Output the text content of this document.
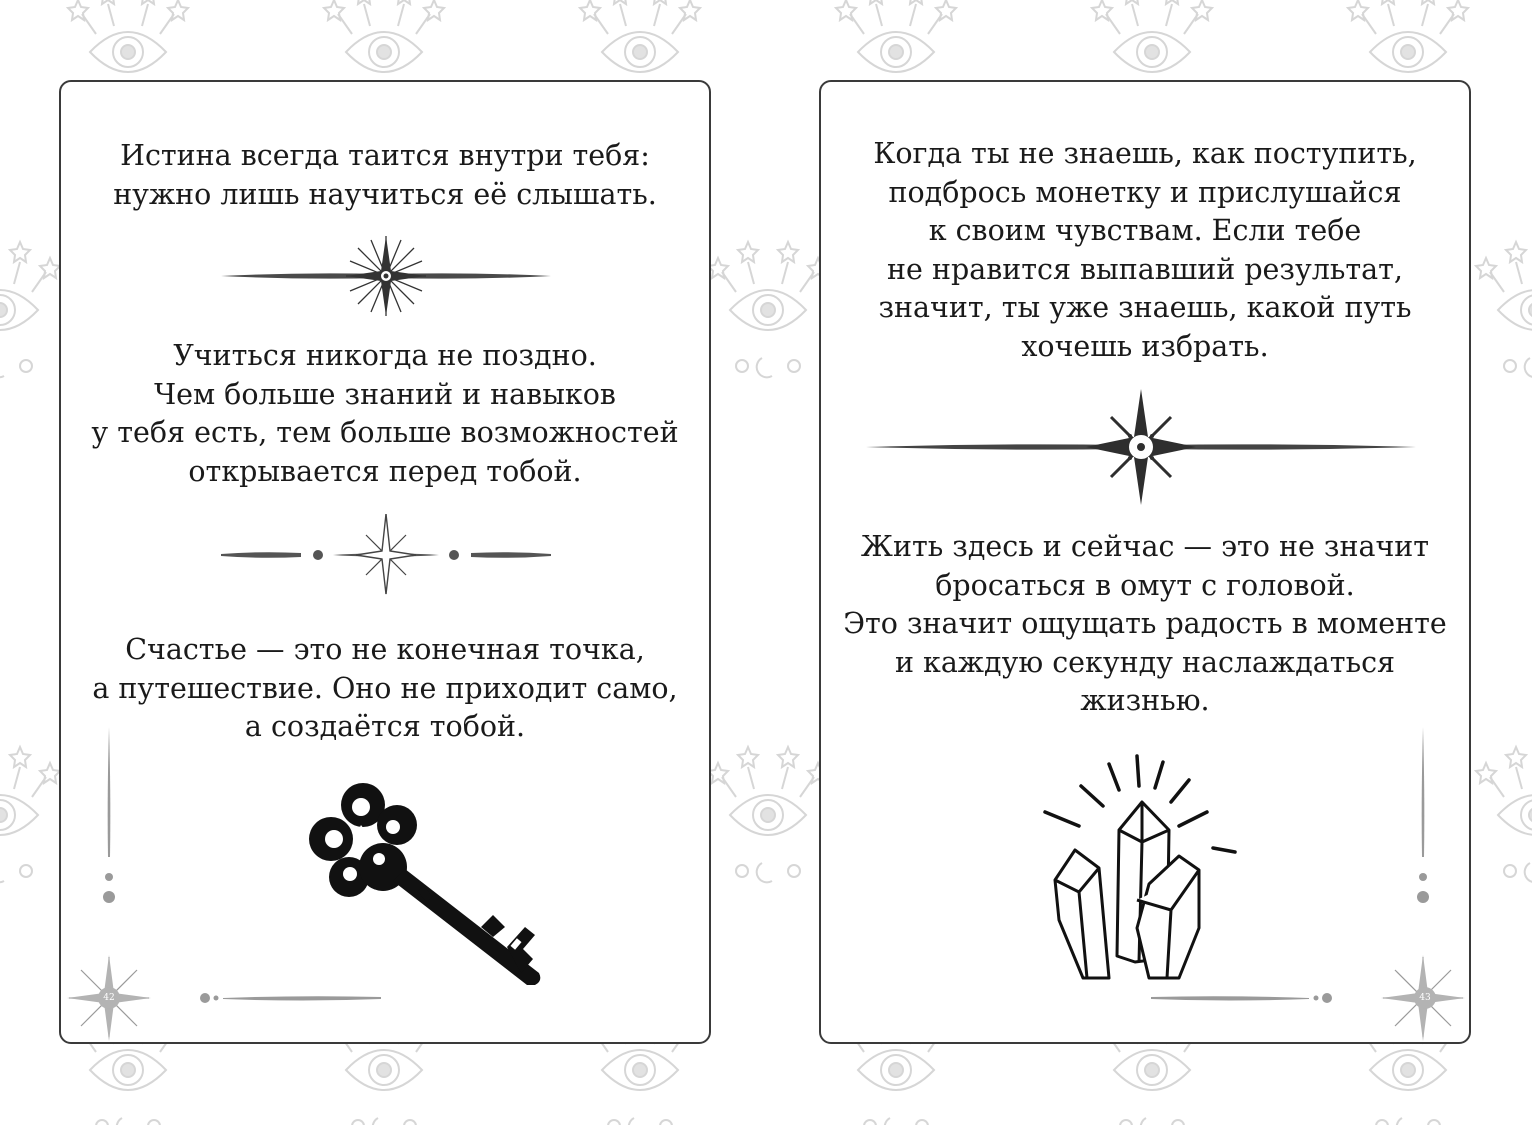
Истина всегда таится внутри тебя:
нужно лишь научиться её слышать.

Учиться никогда не поздно.
Чем больше знаний и навыков
у тебя есть, тем больше возможностей
открывается перед тобой.

Счастье — это не конечная точка,
а путешествие. Оно не приходит само,
а создаётся тобой.

42

Когда ты не знаешь, как поступить,
подбрось монетку и прислушайся
к своим чувствам. Если тебе
не нравится выпавший результат,
значит, ты уже знаешь, какой путь
хочешь избрать.

Жить здесь и сейчас — это не значит
бросаться в омут с головой.
Это значит ощущать радость в моменте
и каждую секунду наслаждаться
жизнью.

43
